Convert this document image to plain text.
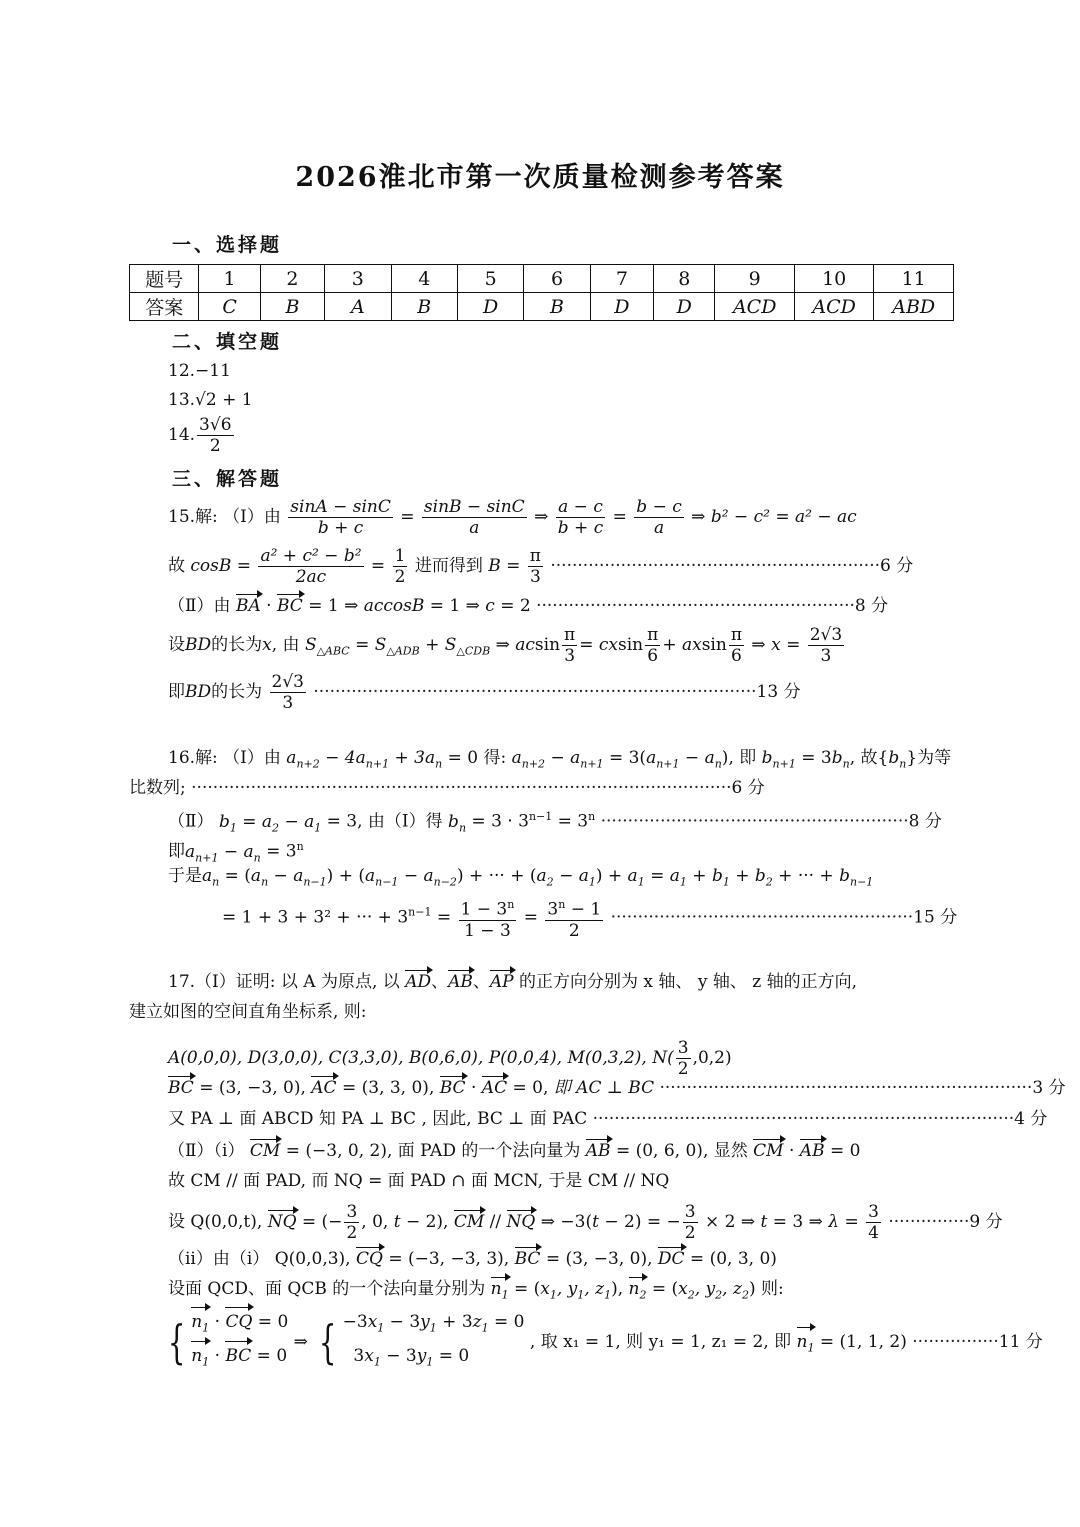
2026淮北市第一次质量检测参考答案
一、选择题
题号	1	2	3	4	5	6	7	8	9	10	11
答案	C	B	A	B	D	B	D	D	ACD	ACD	ABD
二、填空题
12.−11
13.√2 + 1
14. $\frac{3√6}{2}$
三、解答题
15.解: （Ⅰ）由 $\frac{\sin A - \sin C}{b + c} = \frac{\sin B - \sin C}{a}$ ⇒ $\frac{a - c}{b + c} = \frac{b - c}{a}$ ⇒ b² − c² = a² − ac
故 $\cos B = \frac{\text{a² + c² − b²}}{2ac} = \frac{1}{2}$ 进而得到 $B = \frac{\pi}{3} \cdot\cdot\cdot\cdot\cdot\cdot\cdot\cdot\cdot\cdot\cdot\cdot\cdot\cdot\cdot\cdot\cdot\cdot\cdot\cdot\cdot\cdot\cdot\cdot\cdot\cdot\cdot\cdot\cdot\cdot\cdot\cdot\cdot\cdot\cdot\cdot\cdot\cdot\cdot\cdot\cdot\cdot\cdot\cdot\cdot\cdot\cdot\cdot\cdot\cdot\cdot\cdot\cdot\cdot\cdot\cdot\cdot\cdot\cdot\cdot\cdot 6$ 分
（Ⅱ）由 BA · BC = 1 ⇒ accosB = 1 ⇒ c = 2 ···························································8 分
设BD的长为x, 由 $S_{\triangle ABC} = S_{\triangle ADB} + S_{\triangle CDB}$ ⇒ acsin $\frac{\pi}{3} = cxsin \frac{\pi}{6} + axsin \frac{\pi}{6}$ ⇒ $x = \frac{2√3}{3}$
即BD的长为 $\frac{2√3}{3} \cdot\cdot\cdot\cdot\cdot\cdot\cdot\cdot\cdot\cdot\cdot\cdot\cdot\cdot\cdot\cdot\cdot\cdot\cdot\cdot\cdot\cdot\cdot\cdot\cdot\cdot\cdot\cdot\cdot\cdot\cdot\cdot\cdot\cdot\cdot\cdot\cdot\cdot\cdot\cdot\cdot\cdot\cdot\cdot\cdot\cdot\cdot\cdot\cdot\cdot\cdot\cdot\cdot\cdot\cdot\cdot\cdot\cdot\cdot\cdot\cdot\cdot\cdot\cdot\cdot\cdot\cdot\cdot\cdot\cdot\cdot\cdot\cdot\cdot\cdot\cdot\cdot\cdot\cdot\cdot\cdot\cdot 13$ 分
16.解: （Ⅰ）由 $a_{n+2} - 4a_{n+1} + 3a_n = 0$ 得: $a_{n+2} - a_{n+1} = 3(a_{n+1} - a_n)$, 即 $b_{n+1} = 3b_n$, 故$\{b_n\}$为等
比数列; ····································································································6 分
（Ⅱ） $b_1 = a_2 - a_1 = 3$, 由（Ⅰ）得 $b_n = 3 \cdot 3^{n-1} = 3^n \cdot\cdot\cdot\cdot\cdot\cdot\cdot\cdot\cdot\cdot\cdot\cdot\cdot\cdot\cdot\cdot\cdot\cdot\cdot\cdot\cdot\cdot\cdot\cdot\cdot\cdot\cdot\cdot\cdot\cdot\cdot\cdot\cdot\cdot\cdot\cdot\cdot\cdot\cdot\cdot\cdot\cdot\cdot\cdot\cdot\cdot\cdot\cdot\cdot\cdot\cdot\cdot\cdot\cdot\cdot\cdot\cdot 8$ 分
即$a_{n+1} - a_n = 3^n$
于是$a_n = (a_n - a_{n-1}) + (a_{n-1} - a_{n-2})$ + ··· + $(a_2 - a_1) + a_1 = a_1 + b_1 + b_2$ + ··· + $b_{n-1}$
= 1 + 3 + 3² + ··· + $3^{n-1} = \frac{1 - 3^n}{1 - 3} = \frac{3^n - 1}{2} \cdot\cdot\cdot\cdot\cdot\cdot\cdot\cdot\cdot\cdot\cdot\cdot\cdot\cdot\cdot\cdot\cdot\cdot\cdot\cdot\cdot\cdot\cdot\cdot\cdot\cdot\cdot\cdot\cdot\cdot\cdot\cdot\cdot\cdot\cdot\cdot\cdot\cdot\cdot\cdot\cdot\cdot\cdot\cdot\cdot\cdot\cdot\cdot\cdot\cdot\cdot\cdot\cdot\cdot\cdot\cdot 15$ 分
17.（Ⅰ）证明: 以 A 为原点, 以 AD、AB、AP 的正方向分别为 x 轴、 y 轴、 z 轴的正方向,
建立如图的空间直角坐标系, 则:
A(0,0,0), D(3,0,0), C(3,3,0), B(0,6,0), P(0,0,4), M(0,3,2), $N( \frac{3}{2} ,0,2)$
BC = (3, −3, 0), AC = (3, 3, 0), BC · AC = 0, 即 AC ⊥ BC ·····································································3 分
又 PA ⊥ 面 ABCD 知 PA ⊥ BC , 因此, BC ⊥ 面 PAC ··············································································4 分
（Ⅱ）（i） CM = (−3, 0, 2), 面 PAD 的一个法向量为 AB = (0, 6, 0), 显然 CM · AB = 0
故 CM // 面 PAD, 而 NQ = 面 PAD ∩ 面 MCN, 于是 CM // NQ
设 Q(0,0,t), NQ = (− $\frac{3}{2}$ , 0, t − 2), CM // NQ ⇒ −3(t − 2) = − $\frac{3}{2} \times 2$ ⇒ t = 3 ⇒ $\lambda = \frac{3}{4} \cdot\cdot\cdot\cdot\cdot\cdot\cdot\cdot\cdot\cdot\cdot\cdot\cdot\cdot\cdot 9$ 分
（ii）由（i） Q(0,0,3), CQ = (−3, −3, 3), BC = (3, −3, 0), DC = (0, 3, 0)
设面 QCD、面 QCB 的一个法向量分别为 $n_1 = (x_1$, $y_1$, $z_1$), $n_2 = (x_2$, $y_2$, $z_2$) 则:
{ $n_1$ · CQ = 0
$n_1$ · BC = 0
⇒ { $-3x_1 - 3y_1 + 3z_1 = 0$
$3x_1 - 3y_1 = 0$
, 取 x₁ = 1, 则 y₁ = 1, z₁ = 2, 即 $n_1 = (1$, 1, 2) ················11 分
